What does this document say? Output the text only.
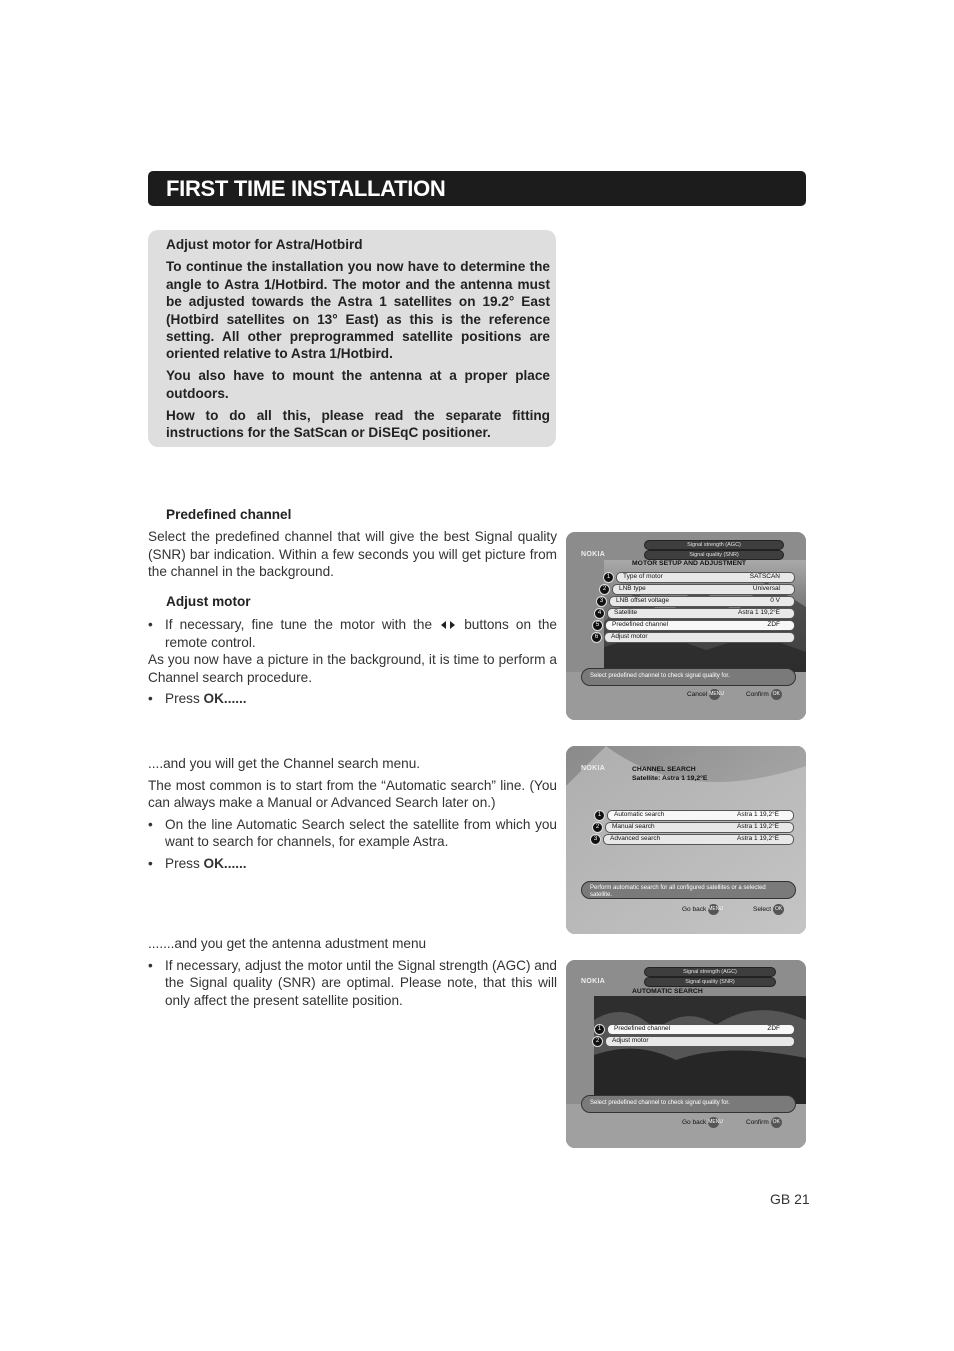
FIRST TIME INSTALLATION

Adjust motor for Astra/Hotbird

To continue the installation you now have to determine the angle to Astra 1/Hotbird. The motor and the antenna must be adjusted towards the Astra 1 satellites on 19.2° East (Hotbird satellites on 13° East) as this is the reference setting. All other preprogrammed satellite positions are oriented relative to Astra 1/Hotbird.

You also have to mount the antenna at a proper place outdoors.

How to do all this, please read the separate fitting instructions for the SatScan or DiSEqC positioner.

Predefined channel

Select the predefined channel that will give the best Signal quality (SNR) bar indication. Within a few seconds you will get picture from the channel in the background.

Adjust motor
• If necessary, fine tune the motor with the buttons on the remote control.

As you now have a picture in the background, it is time to perform a Channel search procedure.

• Press OK......

....and you will get the Channel search menu.

The most common is to start from the “Automatic search” line. (You can always make a Manual or Advanced Search later on.)

• On the line Automatic Search select the satellite from which you want to search for channels, for example Astra.

• Press OK......

.......and you get the antenna adustment menu

• If necessary, adjust the motor until the Signal strength (AGC) and the Signal quality (SNR) are optimal. Please note, that this will only affect the present satellite position.

NOKIA
Signal strength (AGC)
Signal quality (SNR)
MOTOR SETUP AND ADJUSTMENT
1	Type of motor	SATSCAN
2	LNB type	Universal
3	LNB offset voltage	0 V
4	Satellite	Astra 1 19,2°E
5	Predefined channel	ZDF
6	Adjust motor
Select predefined channel to check signal quality for.
Cancel MENU	Confirm OK
NOKIA	CHANNEL SEARCH
Satellite: Astra 1 19,2°E
1	Automatic search	Astra 1 19,2°E
2	Manual search	Astra 1 19,2°E
3	Advanced search	Astra 1 19,2°E
Perform automatic search for all configured satellites or a selected satellite.
Go back MENU	Select OK
NOKIA
Signal strength (AGC)
Signal quality (SNR)
AUTOMATIC SEARCH
1	Predefined channel	ZDF
2	Adjust motor
Select predefined channel to check signal quality for.
Go back MENU	Confirm OK
GB 21
